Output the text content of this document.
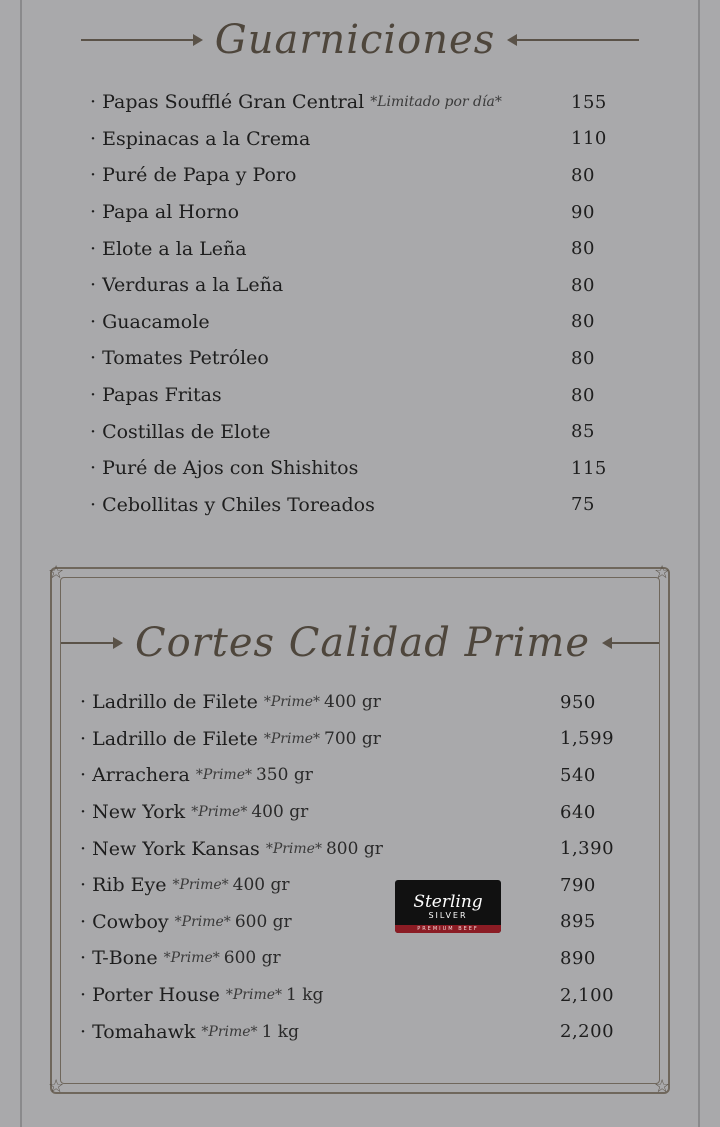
Guarniciones
· Papas Soufflé Gran Central *Limitado por día*	155
· Espinacas a la Crema	110
· Puré de Papa y Poro	80
· Papa al Horno	90
· Elote a la Leña	80
· Verduras a la Leña	80
· Guacamole	80
· Tomates Petróleo	80
· Papas Fritas	80
· Costillas de Elote	85
· Puré de Ajos con Shishitos	115
· Cebollitas y Chiles Toreados	75
☆	☆
☆	☆
Cortes Calidad Prime
· Ladrillo de Filete *Prime* 400 gr	950
· Ladrillo de Filete *Prime* 700 gr	1,599
· Arrachera *Prime* 350 gr	540
· New York *Prime* 400 gr	640
· New York Kansas *Prime* 800 gr	1,390
· Rib Eye *Prime* 400 gr	790
· Cowboy *Prime* 600 gr	895
· T-Bone *Prime* 600 gr	890
· Porter House *Prime* 1 kg	2,100
· Tomahawk *Prime* 1 kg	2,200
Sterling
SILVER
PREMIUM BEEF
